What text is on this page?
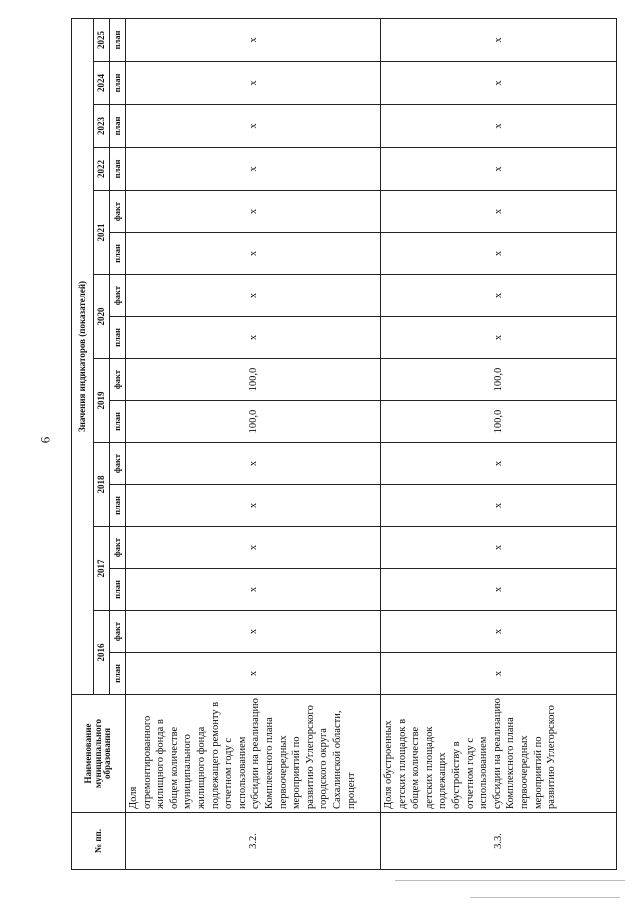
6
№ пп.	Наименование муниципального образования	Значения индикаторов (показателей)															
		2016		2017		2018		2019		2020		2021		2022	2023	2024	2025
		план	факт	план	факт	план	факт	план	факт	план	факт	план	факт	план	план	план	план
3.2.	Доля отремонтированного жилищного фонда в общем количестве муниципального жилищного фонда подлежащего ремонту в отчетном году с использованием субсидии на реализацию Комплексного плана первоочередных мероприятий по развитию Углегорского городского округа Сахалинской области, процент	x	x	x	x	x	x	100,0	100,0	x	x	x	x	x	x	x	x
3.3.	Доля обустроенных детских площадок в общем количестве детских площадок подлежащих обустройству в отчетном году с использованием субсидии на реализацию Комплексного плана первоочередных мероприятий по развитию Углегорского	x	x	x	x	x	x	100,0	100,0	x	x	x	x	x	x	x	x
